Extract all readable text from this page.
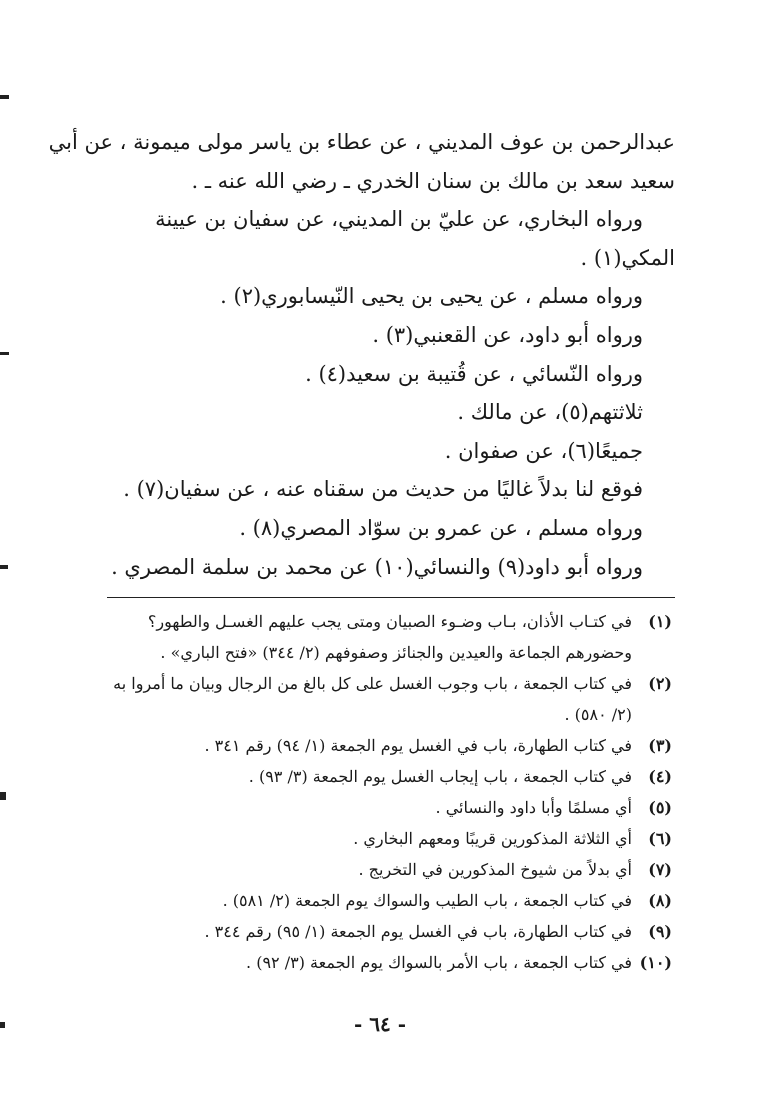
عبدالرحمن بن عوف المديني ، عن عطاء بن ياسر مولى ميمونة ، عن أبي
سعيد سعد بن مالك بن سنان الخدري ـ رضي الله عنه ـ .

ورواه البخاري، عن عليّ بن المديني، عن سفيان بن عيينة
المكي(١) .

ورواه مسلم ، عن يحيى بن يحيى النّيسابوري(٢) .
ورواه أبو داود، عن القعنبي(٣) .
ورواه النّسائي ، عن قُتيبة بن سعيد(٤) .
ثلاثتهم(٥)، عن مالك .
جميعًا(٦)، عن صفوان .
فوقع لنا بدلاً غاليًا من حديث من سقناه عنه ، عن سفيان(٧) .
ورواه مسلم ، عن عمرو بن سوّاد المصري(٨) .
ورواه أبو داود(٩) والنسائي(١٠) عن محمد بن سلمة المصري .
(١)
في كتـاب الأذان، بـاب وضـوء الصبيان ومتى يجب عليهم الغسـل والطهور؟
وحضورهم الجماعة والعيدين والجنائز وصفوفهم (٢/ ٣٤٤) «فتح الباري» .
(٢)
في كتاب الجمعة ، باب وجوب الغسل على كل بالغ من الرجال وبيان ما أمروا به
(٢/ ٥٨٠) .
(٣)
في كتاب الطهارة، باب في الغسل يوم الجمعة (١/ ٩٤) رقم ٣٤١ .
(٤)
في كتاب الجمعة ، باب إيجاب الغسل يوم الجمعة (٣/ ٩٣) .
(٥)
أي مسلمًا وأبا داود والنسائي .
(٦)
أي الثلاثة المذكورين قريبًا ومعهم البخاري .
(٧)
أي بدلاً من شيوخ المذكورين في التخريج .
(٨)
في كتاب الجمعة ، باب الطيب والسواك يوم الجمعة (٢/ ٥٨١) .
(٩)
في كتاب الطهارة، باب في الغسل يوم الجمعة (١/ ٩٥) رقم ٣٤٤ .
(١٠)
في كتاب الجمعة ، باب الأمر بالسواك يوم الجمعة (٣/ ٩٢) .
- ٦٤ -
